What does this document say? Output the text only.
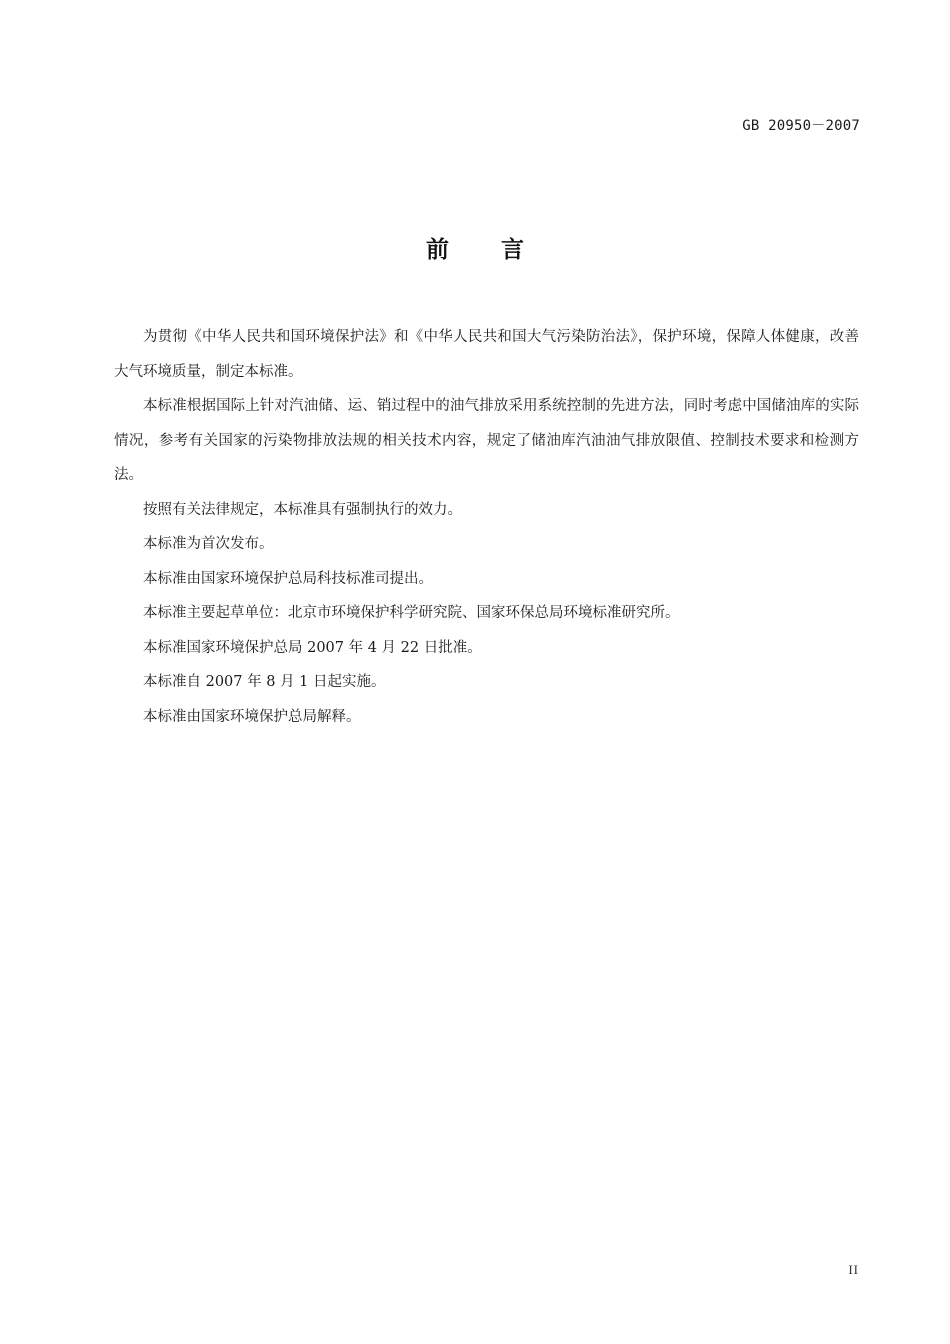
GB 20950－2007
前言

为贯彻《中华人民共和国环境保护法》和《中华人民共和国大气污染防治法》，保护环境，保障人体健康，改善大气环境质量，制定本标准。

本标准根据国际上针对汽油储、运、销过程中的油气排放采用系统控制的先进方法，同时考虑中国储油库的实际情况，参考有关国家的污染物排放法规的相关技术内容，规定了储油库汽油油气排放限值、控制技术要求和检测方法。

按照有关法律规定，本标准具有强制执行的效力。

本标准为首次发布。

本标准由国家环境保护总局科技标准司提出。

本标准主要起草单位：北京市环境保护科学研究院、国家环保总局环境标准研究所。

本标准国家环境保护总局 2007 年 4 月 22 日批准。

本标准自 2007 年 8 月 1 日起实施。

本标准由国家环境保护总局解释。

II
